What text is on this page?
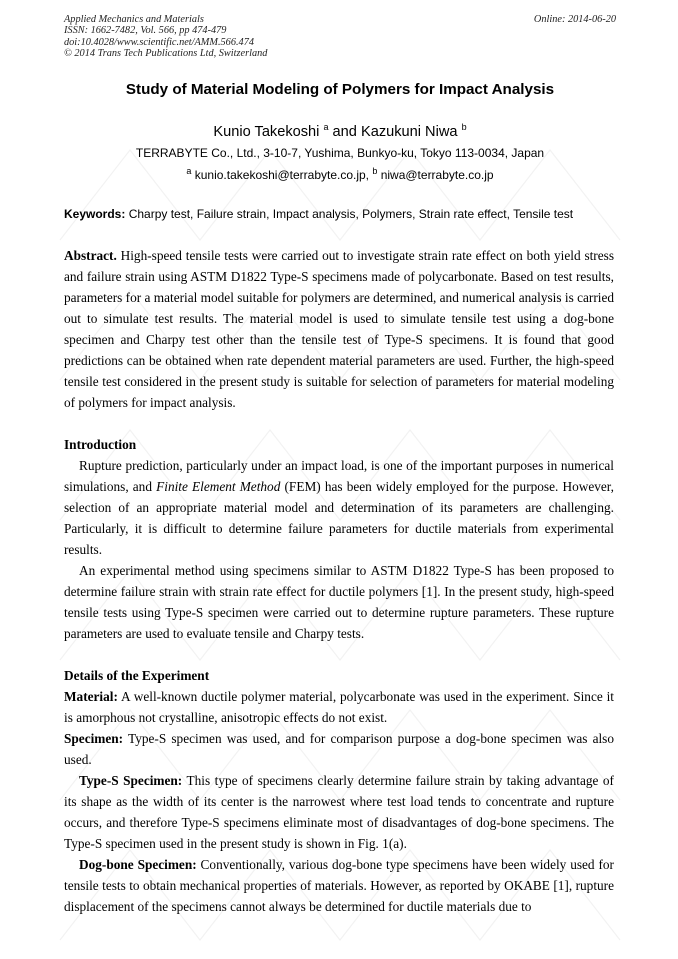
Applied Mechanics and Materials
ISSN: 1662-7482, Vol. 566, pp 474-479
doi:10.4028/www.scientific.net/AMM.566.474
© 2014 Trans Tech Publications Ltd, Switzerland
Online: 2014-06-20
Study of Material Modeling of Polymers for Impact Analysis
Kunio Takekoshi $^a$ and Kazukuni Niwa $^b$
TERRABYTE Co., Ltd., 3-10-7, Yushima, Bunkyo-ku, Tokyo 113-0034, Japan
$^a$ kunio.takekoshi@terrabyte.co.jp, $^b$ niwa@terrabyte.co.jp
Keywords: Charpy test, Failure strain, Impact analysis, Polymers, Strain rate effect, Tensile test

Abstract. High-speed tensile tests were carried out to investigate strain rate effect on both yield stress and failure strain using ASTM D1822 Type-S specimens made of polycarbonate. Based on test results, parameters for a material model suitable for polymers are determined, and numerical analysis is carried out to simulate test results. The material model is used to simulate tensile test using a dog-bone specimen and Charpy test other than the tensile test of Type-S specimens. It is found that good predictions can be obtained when rate dependent material parameters are used. Further, the high-speed tensile test considered in the present study is suitable for selection of parameters for material modeling of polymers for impact analysis.

Introduction

Rupture prediction, particularly under an impact load, is one of the important purposes in numerical simulations, and Finite Element Method (FEM) has been widely employed for the purpose. However, selection of an appropriate material model and determination of its parameters are challenging. Particularly, it is difficult to determine failure parameters for ductile materials from experimental results.

An experimental method using specimens similar to ASTM D1822 Type-S has been proposed to determine failure strain with strain rate effect for ductile polymers [1]. In the present study, high-speed tensile tests using Type-S specimen were carried out to determine rupture parameters. These rupture parameters are used to evaluate tensile and Charpy tests.

Details of the Experiment

Material: A well-known ductile polymer material, polycarbonate was used in the experiment. Since it is amorphous not crystalline, anisotropic effects do not exist.

Specimen: Type-S specimen was used, and for comparison purpose a dog-bone specimen was also used.

Type-S Specimen: This type of specimens clearly determine failure strain by taking advantage of its shape as the width of its center is the narrowest where test load tends to concentrate and rupture occurs, and therefore Type-S specimens eliminate most of disadvantages of dog-bone specimens. The Type-S specimen used in the present study is shown in Fig. 1(a).

Dog-bone Specimen: Conventionally, various dog-bone type specimens have been widely used for tensile tests to obtain mechanical properties of materials. However, as reported by OKABE [1], rupture displacement of the specimens cannot always be determined for ductile materials due to
